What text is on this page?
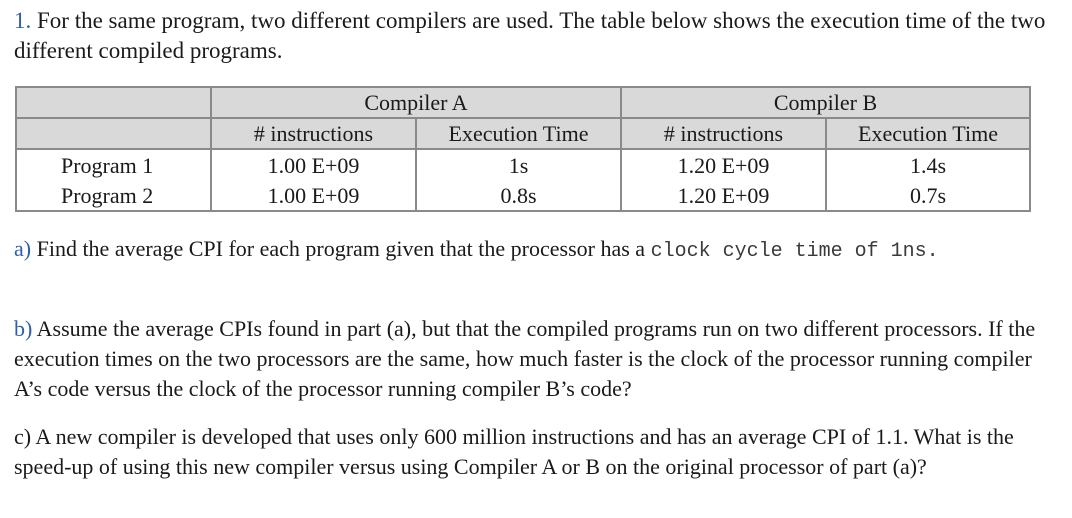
1. For the same program, two different compilers are used. The table below shows the execution time of the two different compiled programs.
	Compiler A		Compiler B	
	# instructions	Execution Time	# instructions	Execution Time
Program 1	1.00 E+09	1s	1.20 E+09	1.4s
Program 2	1.00 E+09	0.8s	1.20 E+09	0.7s
a) Find the average CPI for each program given that the processor has a clock cycle time of 1ns.
b) Assume the average CPIs found in part (a), but that the compiled programs run on two different processors. If the execution times on the two processors are the same, how much faster is the clock of the processor running compiler A’s code versus the clock of the processor running compiler B’s code?
c) A new compiler is developed that uses only 600 million instructions and has an average CPI of 1.1. What is the speed-up of using this new compiler versus using Compiler A or B on the original processor of part (a)?
